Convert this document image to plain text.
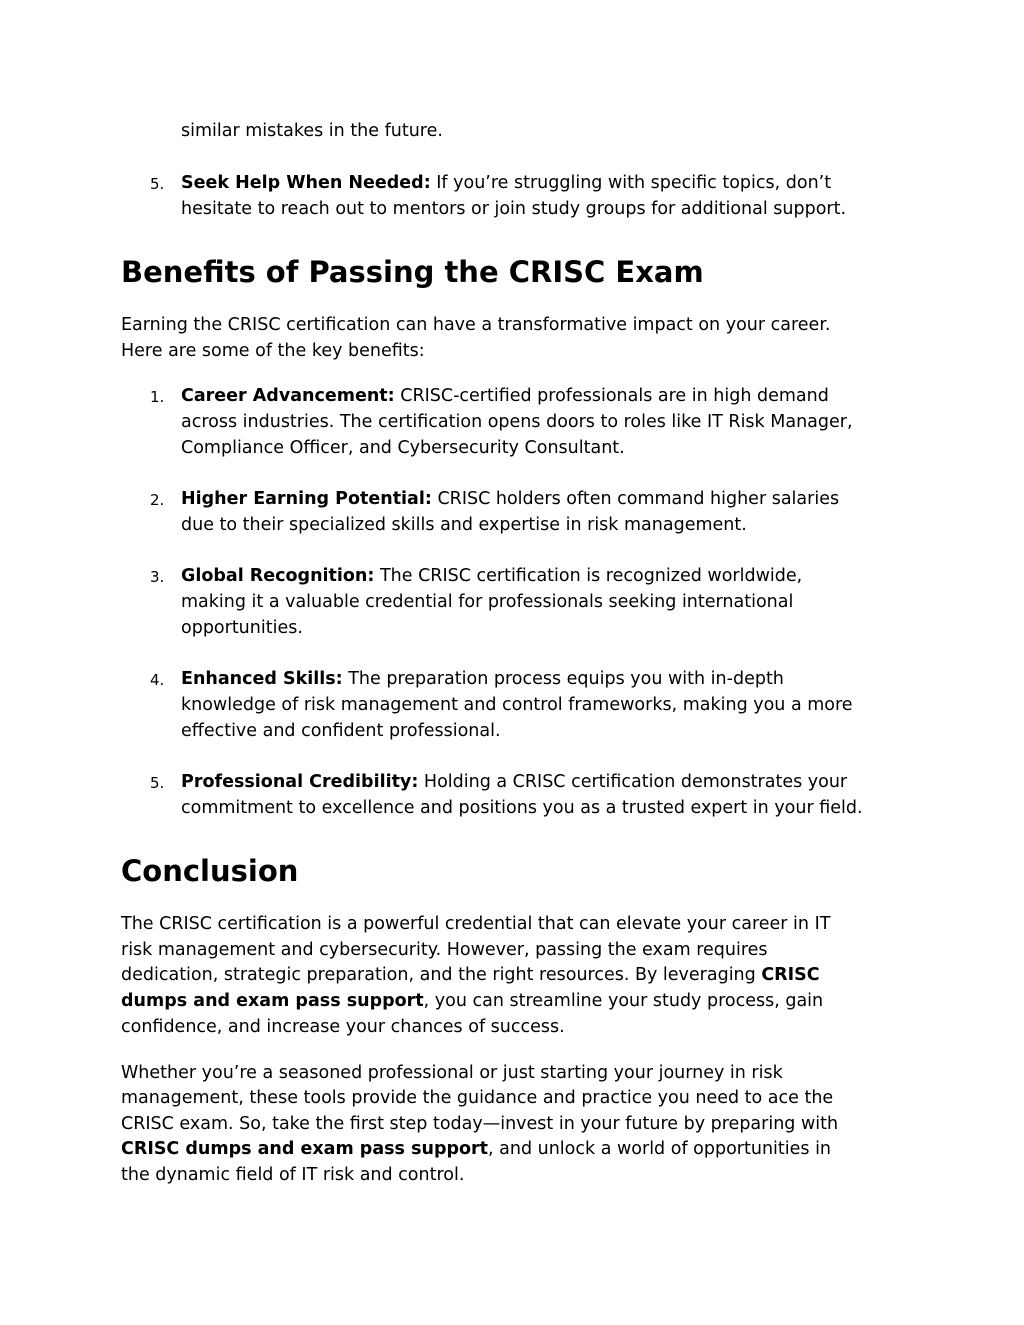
similar mistakes in the future.

5. Seek Help When Needed: If you’re struggling with specific topics, don’t

hesitate to reach out to mentors or join study groups for additional support.

Benefits of Passing the CRISC Exam

Earning the CRISC certification can have a transformative impact on your career.

Here are some of the key benefits:

1. Career Advancement: CRISC-certified professionals are in high demand

across industries. The certification opens doors to roles like IT Risk Manager,

Compliance Officer, and Cybersecurity Consultant.

2. Higher Earning Potential: CRISC holders often command higher salaries

due to their specialized skills and expertise in risk management.

3. Global Recognition: The CRISC certification is recognized worldwide,

making it a valuable credential for professionals seeking international

opportunities.

4. Enhanced Skills: The preparation process equips you with in-depth

knowledge of risk management and control frameworks, making you a more

effective and confident professional.

5. Professional Credibility: Holding a CRISC certification demonstrates your

commitment to excellence and positions you as a trusted expert in your field.

Conclusion

The CRISC certification is a powerful credential that can elevate your career in IT

risk management and cybersecurity. However, passing the exam requires

dedication, strategic preparation, and the right resources. By leveraging CRISC

dumps and exam pass support, you can streamline your study process, gain

confidence, and increase your chances of success.

Whether you’re a seasoned professional or just starting your journey in risk

management, these tools provide the guidance and practice you need to ace the

CRISC exam. So, take the first step today—invest in your future by preparing with

CRISC dumps and exam pass support, and unlock a world of opportunities in

the dynamic field of IT risk and control.
